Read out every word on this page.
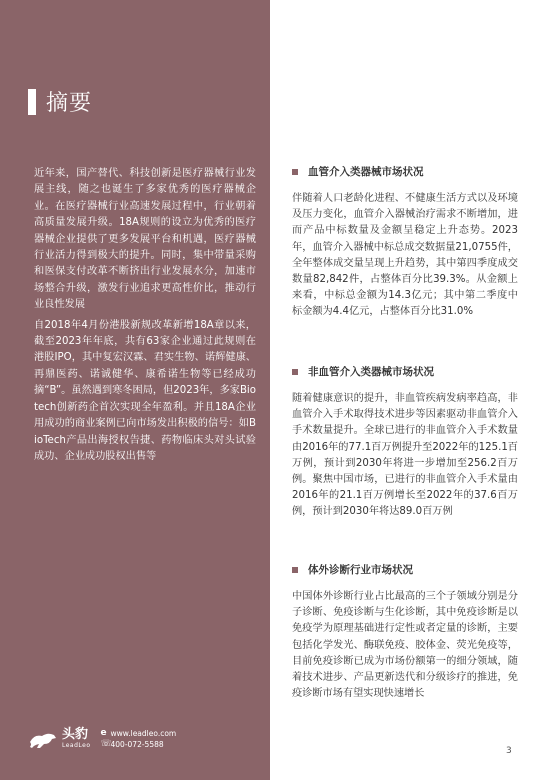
摘要

近年来，国产替代、科技创新是医疗器械行业发展主线，随之也诞生了多家优秀的医疗器械企业。在医疗器械行业高速发展过程中，行业朝着高质量发展升级。18A规则的设立为优秀的医疗器械企业提供了更多发展平台和机遇，医疗器械行业活力得到极大的提升。同时，集中带量采购和医保支付改革不断挤出行业发展水分，加速市场整合升级，激发行业追求更高性价比，推动行业良性发展

自2018年4月份港股新规改革新增18A章以来，截至2023年年底，共有63家企业通过此规则在港股IPO，其中复宏汉霖、君实生物、诺辉健康、再鼎医药、诺诚健华、康希诺生物等已经成功摘“B”。虽然遇到寒冬困局，但2023年，多家Biotech创新药企首次实现全年盈利。并且18A企业用成功的商业案例已向市场发出积极的信号：如BioTech产品出海授权告捷、药物临床头对头试验成功、企业成功股权出售等

头豹
LeadLeo
e www.leadleo.com
☏
400-072-5588
血管介入类器械市场状况
伴随着人口老龄化进程、不健康生活方式以及环境及压力变化，血管介入器械治疗需求不断增加，进而产品中标数量及金额呈稳定上升态势。2023年，血管介入器械中标总成交数据量21,0755件，全年整体成交量呈现上升趋势，其中第四季度成交数量82,842件，占整体百分比39.3%。从金额上来看，中标总金额为14.3亿元；其中第二季度中标金额为4.4亿元，占整体百分比31.0%
非血管介入类器械市场状况
随着健康意识的提升，非血管疾病发病率趋高，非血管介入手术取得技术进步等因素驱动非血管介入手术数量提升。全球已进行的非血管介入手术数量由2016年的77.1百万例提升至2022年的125.1百万例，预计到2030年将进一步增加至256.2百万例。聚焦中国市场，已进行的非血管介入手术量由2016年的21.1百万例增长至2022年的37.6百万例，预计到2030年将达89.0百万例
体外诊断行业市场状况
中国体外诊断行业占比最高的三个子领域分别是分子诊断、免疫诊断与生化诊断，其中免疫诊断是以免疫学为原理基础进行定性或者定量的诊断，主要包括化学发光、酶联免疫、胶体金、荧光免疫等，目前免疫诊断已成为市场份额第一的细分领域，随着技术进步、产品更新迭代和分级诊疗的推进，免疫诊断市场有望实现快速增长
3
